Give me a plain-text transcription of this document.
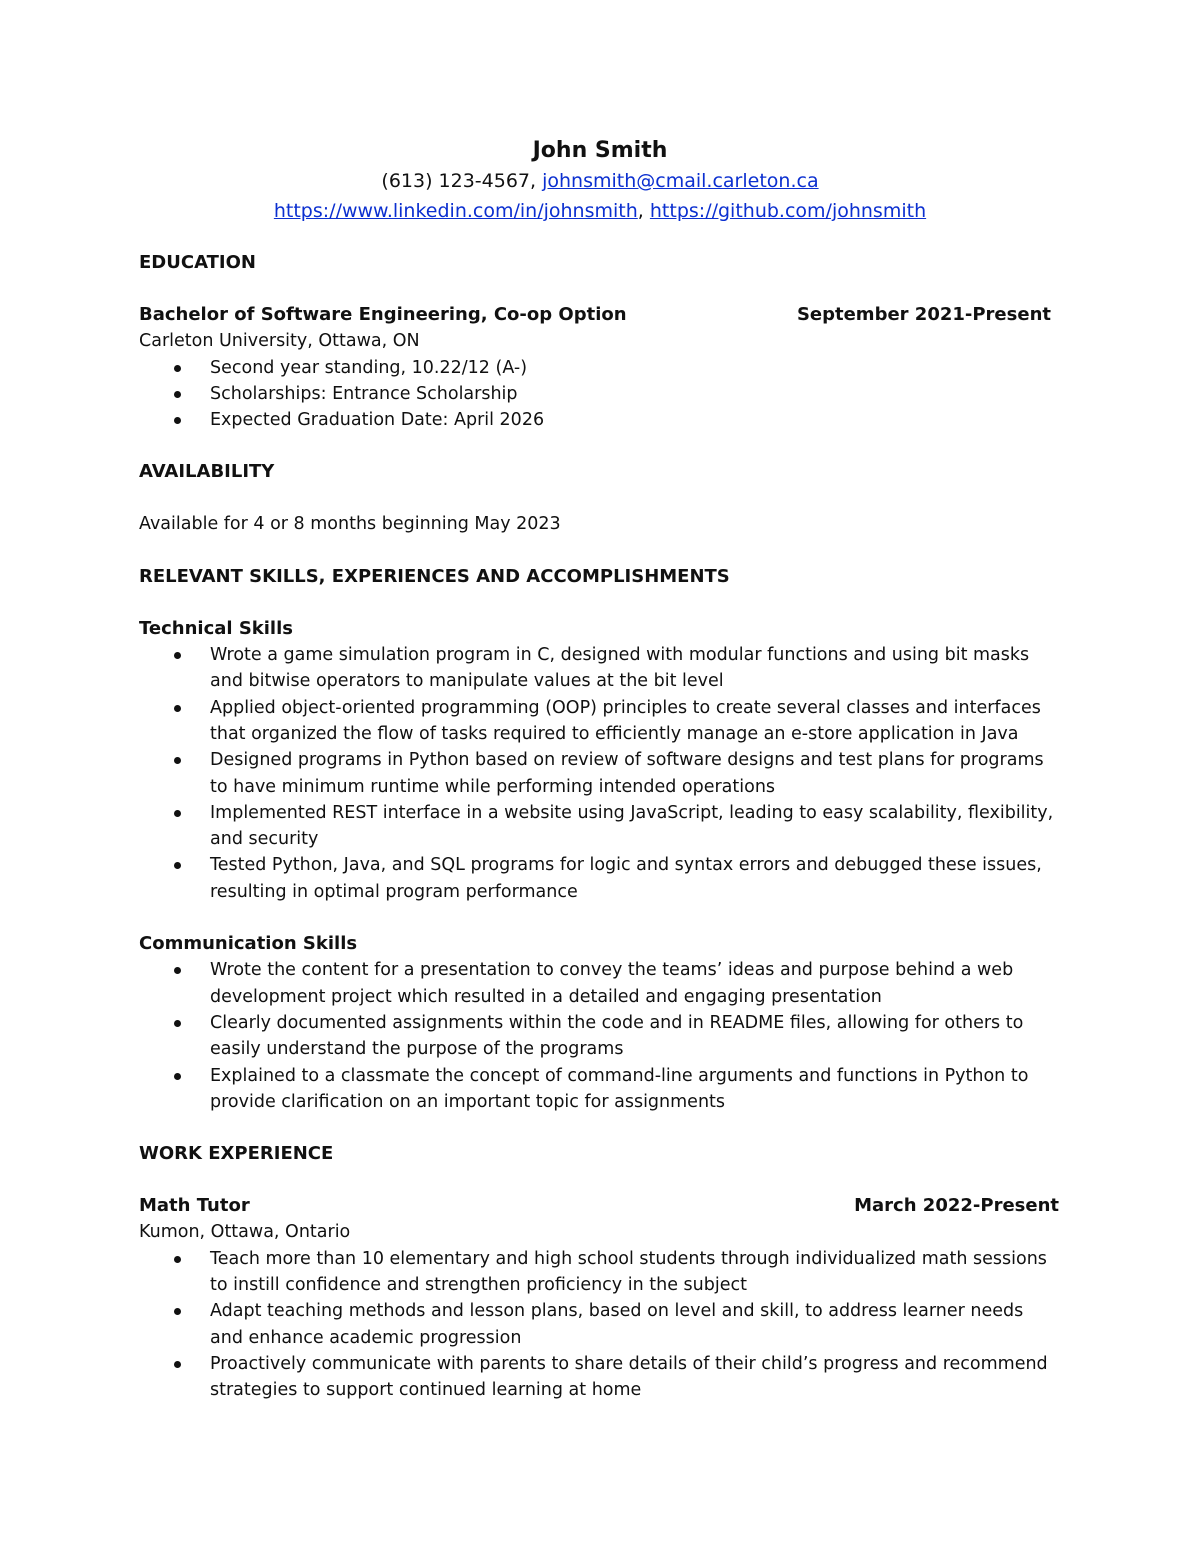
John Smith

(613) 123-4567, johnsmith@cmail.carleton.ca

https://www.linkedin.com/in/johnsmith, https://github.com/johnsmith

EDUCATION

Bachelor of Software Engineering, Co-op Option	September 2021-Present

Carleton University, Ottawa, ON

Second year standing, 10.22/12 (A-)
Scholarships: Entrance Scholarship
Expected Graduation Date: April 2026

AVAILABILITY

Available for 4 or 8 months beginning May 2023

RELEVANT SKILLS, EXPERIENCES AND ACCOMPLISHMENTS

Technical Skills

Wrote a game simulation program in C, designed with modular functions and using bit masks and bitwise operators to manipulate values at the bit level
Applied object-oriented programming (OOP) principles to create several classes and interfaces that organized the flow of tasks required to efficiently manage an e-store application in Java
Designed programs in Python based on review of software designs and test plans for programs to have minimum runtime while performing intended operations
Implemented REST interface in a website using JavaScript, leading to easy scalability, flexibility, and security
Tested Python, Java, and SQL programs for logic and syntax errors and debugged these issues, resulting in optimal program performance

Communication Skills

Wrote the content for a presentation to convey the teams’ ideas and purpose behind a web development project which resulted in a detailed and engaging presentation
Clearly documented assignments within the code and in README files, allowing for others to easily understand the purpose of the programs
Explained to a classmate the concept of command-line arguments and functions in Python to provide clarification on an important topic for assignments

WORK EXPERIENCE

Math Tutor	March 2022-Present

Kumon, Ottawa, Ontario

Teach more than 10 elementary and high school students through individualized math sessions to instill confidence and strengthen proficiency in the subject
Adapt teaching methods and lesson plans, based on level and skill, to address learner needs and enhance academic progression
Proactively communicate with parents to share details of their child’s progress and recommend strategies to support continued learning at home
